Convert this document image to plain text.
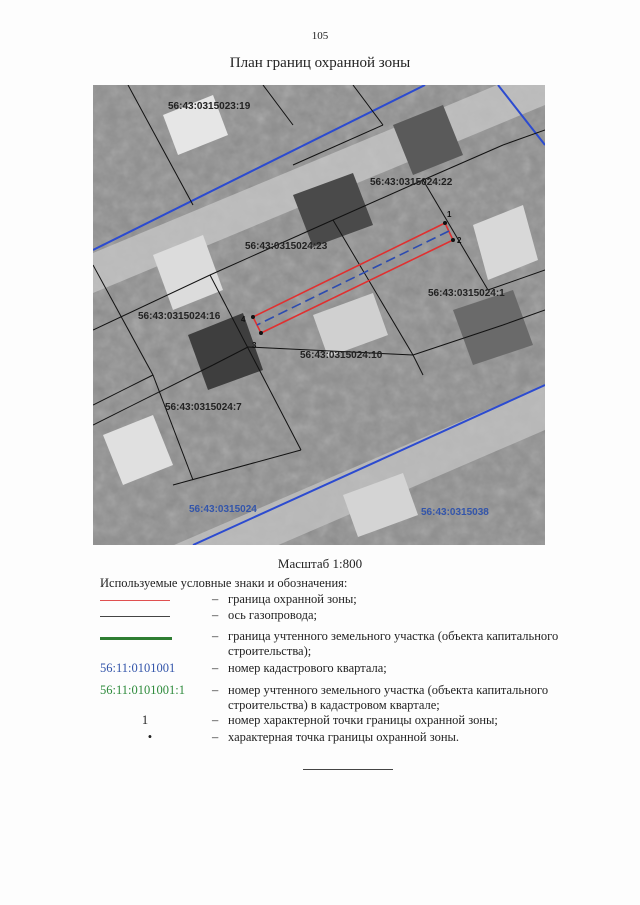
105
План границ охранной зоны
1
2
3
4
56:43:0315023:19
56:43:0315024:22
56:43:0315024:23
56:43:0315024:1
56:43:0315024:16
56:43:0315024:10
56:43:0315024:7
56:43:0315024	56:43:0315038
Масштаб 1:800
Используемые условные знаки и обозначения:
– граница охранной зоны;
– ось газопровода;
– граница учтенного земельного участка (объекта капитального строительства);
56:11:0101001	– номер кадастрового квартала;
56:11:0101001:1	– номер учтенного земельного участка (объекта капитального строительства) в кадастровом квартале;
1	– номер характерной точки границы охранной зоны;
•	– характерная точка границы охранной зоны.
